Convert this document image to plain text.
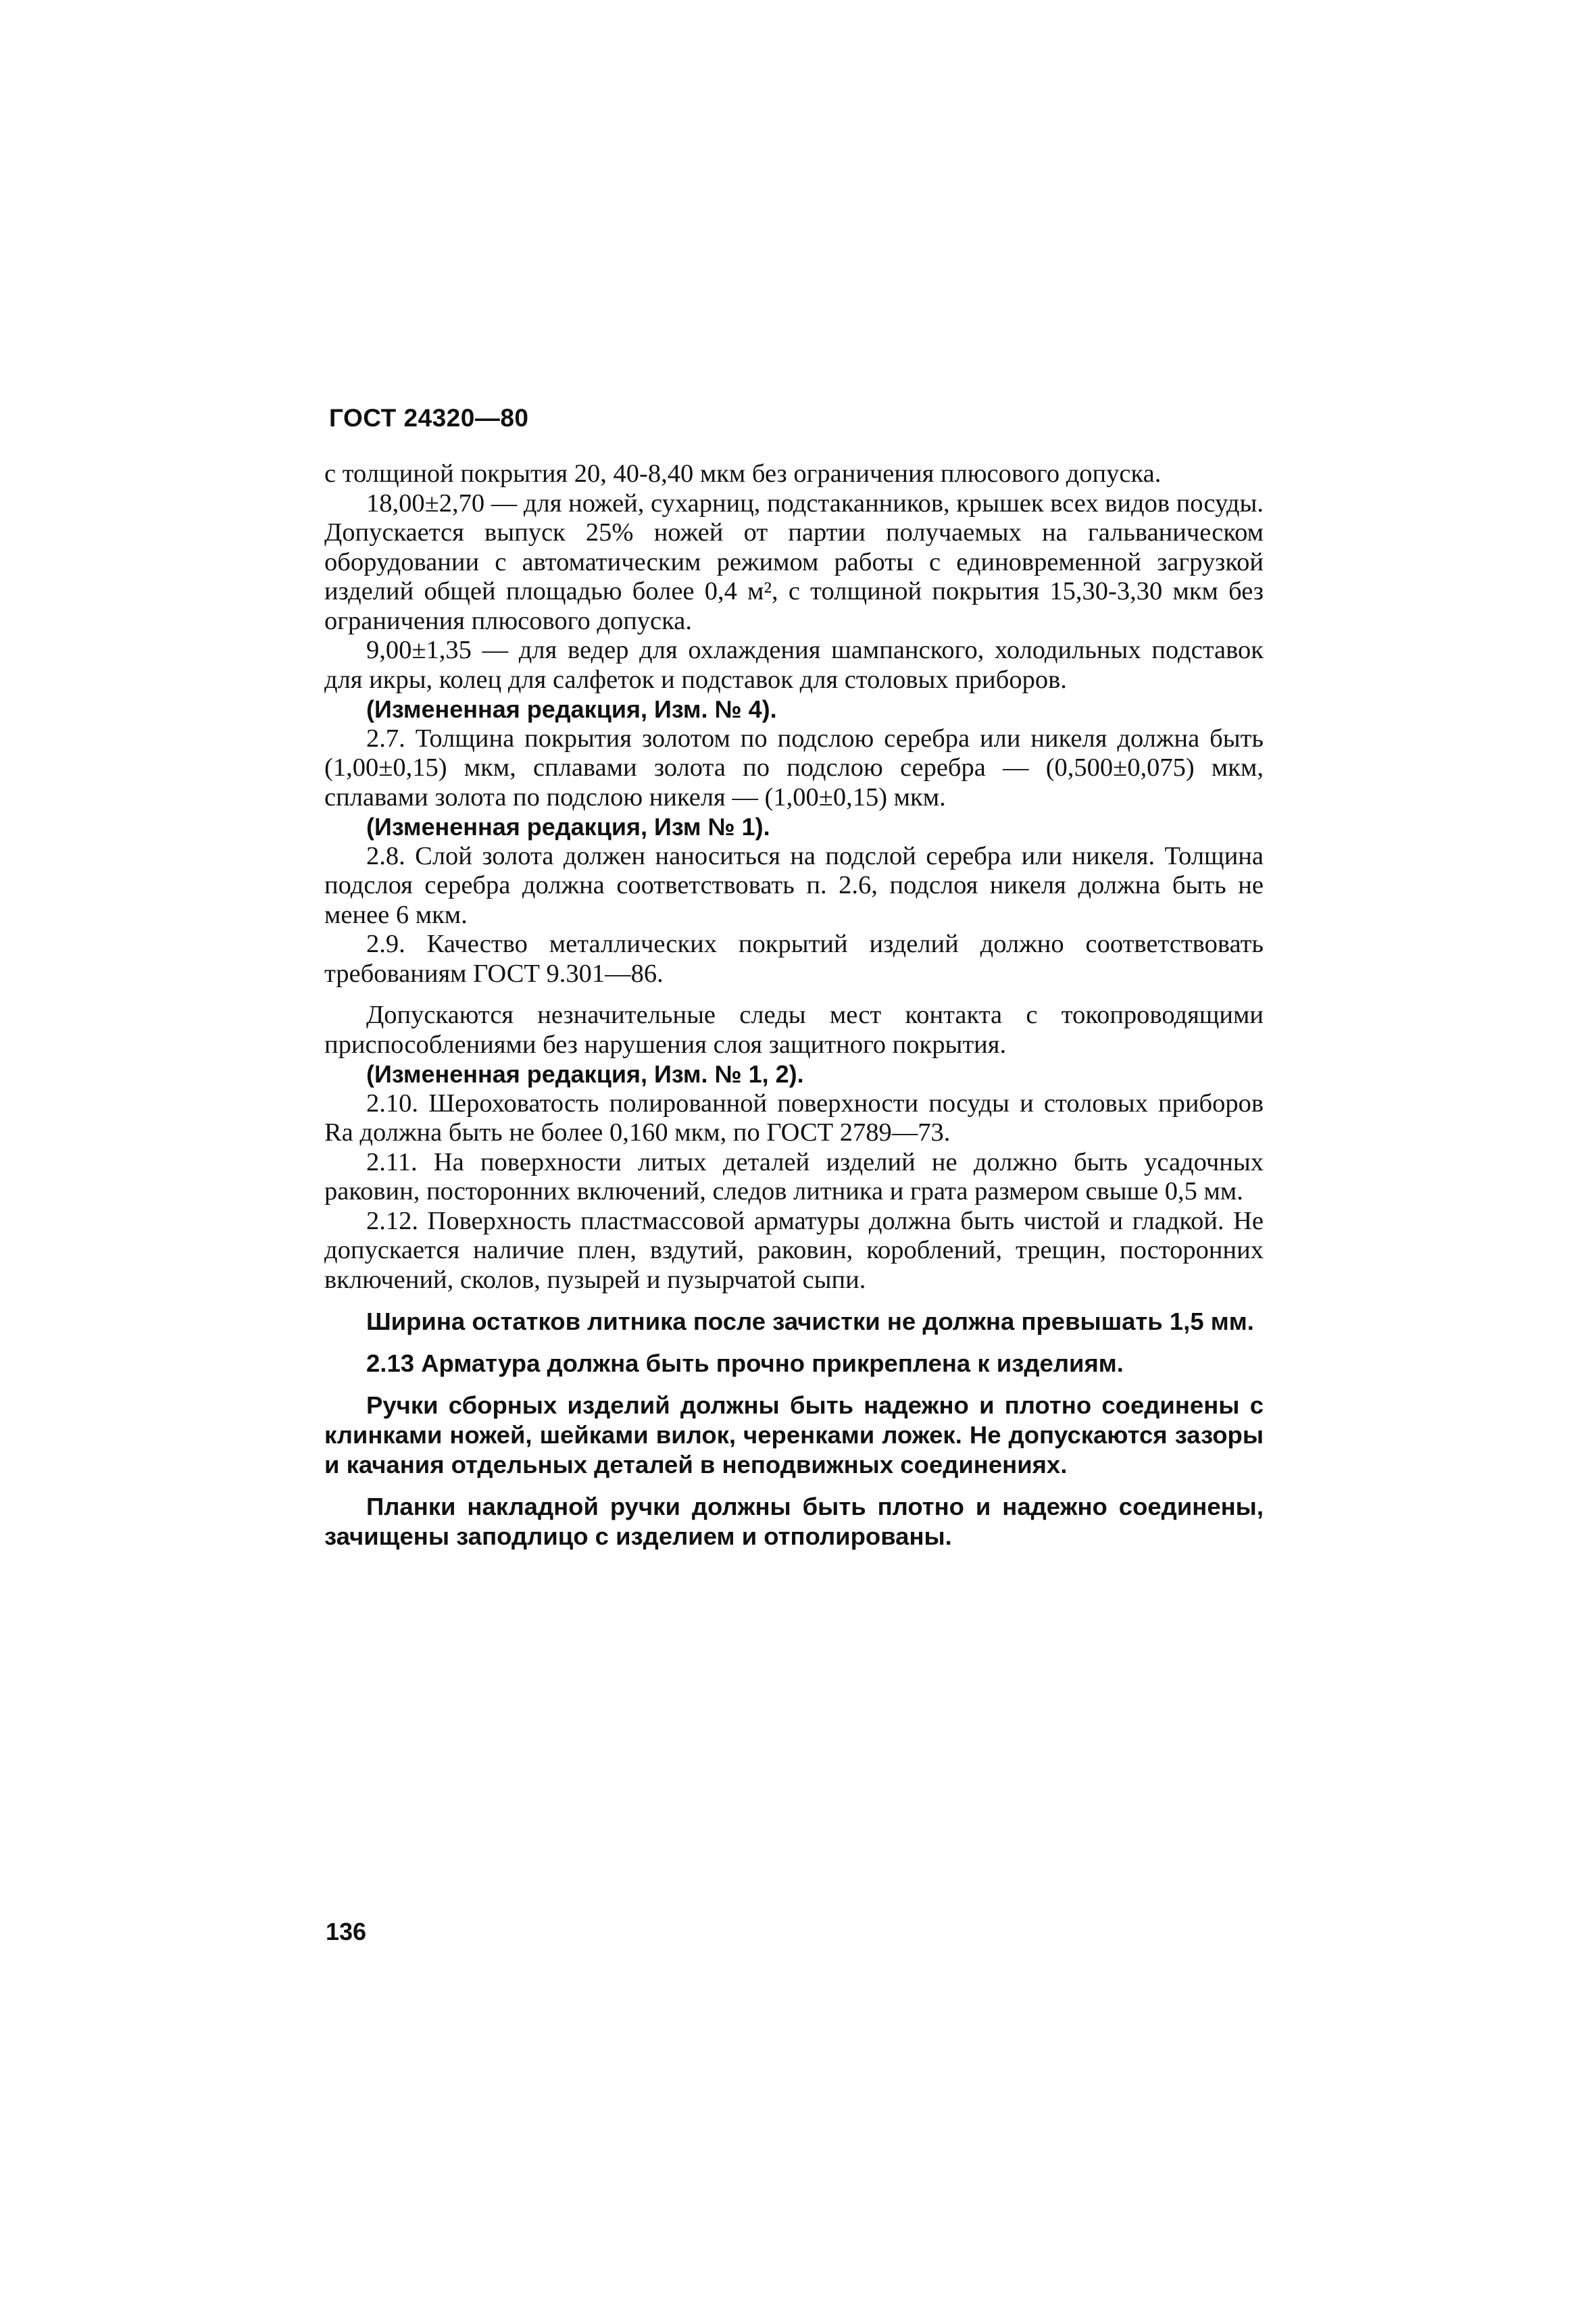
ГОСТ 24320—80

с толщиной покрытия 20, 40-8,40 мкм без ограничения плюсового допуска.

18,00±2,70 — для ножей, сухарниц, подстаканников, крышек всех видов посуды. Допускается выпуск 25% ножей от партии получаемых на гальваническом оборудовании с автоматическим режимом работы с единовременной загрузкой изделий общей площадью более 0,4 м², с толщиной покрытия 15,30-3,30 мкм без ограничения плюсового допуска.

9,00±1,35 — для ведер для охлаждения шампанского, холодильных подставок для икры, колец для салфеток и подставок для столовых приборов.

(Измененная редакция, Изм. № 4).

2.7. Толщина покрытия золотом по подслою серебра или никеля должна быть (1,00±0,15) мкм, сплавами золота по подслою серебра — (0,500±0,075) мкм, сплавами золота по подслою никеля — (1,00±0,15) мкм.

(Измененная редакция, Изм № 1).

2.8. Слой золота должен наноситься на подслой серебра или никеля. Толщина подслоя серебра должна соответствовать п. 2.6, подслоя никеля должна быть не менее 6 мкм.

2.9. Качество металлических покрытий изделий должно соответствовать требованиям ГОСТ 9.301—86.

Допускаются незначительные следы мест контакта с токопроводящими приспособлениями без нарушения слоя защитного покрытия.

(Измененная редакция, Изм. № 1, 2).

2.10. Шероховатость полированной поверхности посуды и столовых приборов Ra должна быть не более 0,160 мкм, по ГОСТ 2789—73.

2.11. На поверхности литых деталей изделий не должно быть усадочных раковин, посторонних включений, следов литника и грата размером свыше 0,5 мм.

2.12. Поверхность пластмассовой арматуры должна быть чистой и гладкой. Не допускается наличие плен, вздутий, раковин, короблений, трещин, посторонних включений, сколов, пузырей и пузырчатой сыпи.

Ширина остатков литника после зачистки не должна превышать 1,5 мм.

2.13 Арматура должна быть прочно прикреплена к изделиям.

Ручки сборных изделий должны быть надежно и плотно соединены с клинками ножей, шейками вилок, черенками ложек. Не допускаются зазоры и качания отдельных деталей в неподвижных соединениях.

Планки накладной ручки должны быть плотно и надежно соединены, зачищены заподлицо с изделием и отполированы.

136
